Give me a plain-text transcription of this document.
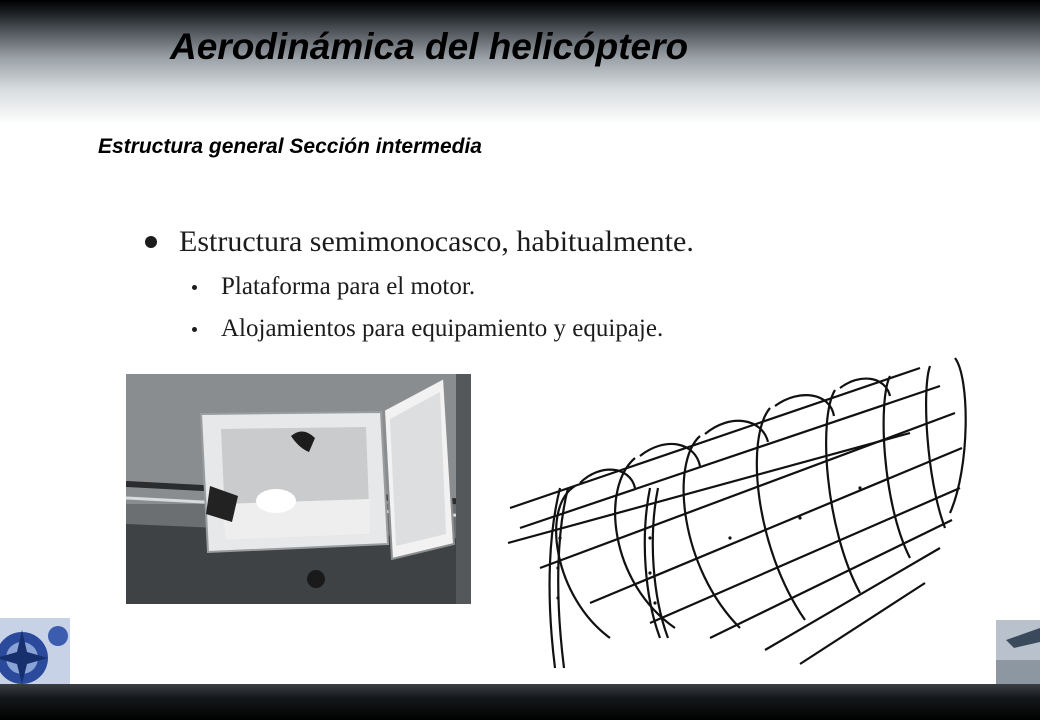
Aerodinámica del helicóptero
Estructura general Sección intermedia
Estructura semimonocasco, habitualmente.
Plataforma para el motor.
Alojamientos para equipamiento y equipaje.
